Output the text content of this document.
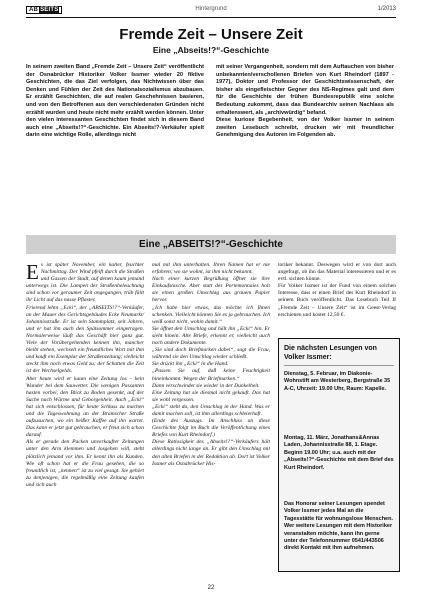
AB SEITS	Hintergrund	1/2013
Fremde Zeit – Unsere Zeit
Eine „Abseits!?“-Geschichte

In seinem zweiten Band „Fremde Zeit – Unsere Zeit“ veröffentlicht der Osnabrücker Historiker Volker Issmer wieder 20 fiktive Geschichten, die das Ziel verfolgen, das Nichtwissen über das Denken und Fühlen der Zeit des Nationalsozialismus abzubauen. Er erzählt Geschichten, die auf realen Geschehnissen basieren, und von den Betroffenen aus den verschiedensten Gründen nicht erzählt wurden und heute nicht mehr erzählt werden können. Unter den vielen interessanten Geschichten findet sich in diesem Band auch eine „Abseits!?“-Geschichte. Ein Abseits!?-Verkäufer spielt darin eine wichtige Rolle, allerdings nicht

mit seiner Vergangenheit, sondern mit dem Auftauchen von bisher unbekannten/verschollenen Briefen von Kurt Rheindorf (1897 - 1977), Doktor und Professor der Geschichtswissenschaft, der bisher als eingefleischter Gegner des NS-Regimes galt und dem für die Geschichte der frühen Bundesrepublik eine solche Bedeutung zukommt, dass das Bundearchiv seinen Nachlass als erhaltenswert, als „archivwürdig“ befand.
Diese kuriose Begebenheit, von der Volker Issmer in seinem zweiten Lesebuch schreibt, drucken wir mit freundlicher Genehmigung des Autoren im Folgenden ab.

Eine „ABSEITS!?“-Geschichte

E s ist später November, ein kalter, feuchter Nachmittag. Der Wind pfeift durch die Straßen und Gassen der Stadt, auf denen kaum jemand unterwegs ist. Die Lampen der Straßenbeleuchtung sind schon vor geraumer Zeit angegangen, trüb fällt ihr Licht auf das nasse Pflaster.
Frierend lehnt „Ecki“, der „ABSEITS!?“-Verkäufer, an der Mauer des Gerichtsgebäudes Ecke Neumarkt/ Johannisstraße. Er ist sein Stammplatz, seit Jahren, und er hat ihn auch den Spätsommer eingetragen. Normalerweise läuft das Geschäft hier ganz gut. Viele der Vorübergehenden kennen ihn, mancher bleibt stehen, wechselt ein freundliches Wort mit ihm und kauft ein Exemplar der Straßenzeitung; vielleicht steckt ihm noch etwas Geld zu; der Schatten die Zeit ist der Wechselgelds.
Aber heute wird er kaum eine Zeitung los – kein Wunder bei dem Sauwetter. Die wenigen Passanten hasten vorbei, den Blick zu Boden gesenkt, auf der Suche nach Wärme und Geborgenheit. Auch „Ecki“ hat sich entschlossen, für heute Schluss zu machen und die Tageswohnung an der Bramscher Straße aufzusuchen, wo ein heißer Kaffee auf ihn wartet. Das kann er jetzt gut gebrauchen, er freut sich schon darauf.
Als er gerade den Packen unverkaufter Zeitungen unter den Arm klemmen und losgehen will, steht plötzlich jemand vor ihm. Er kennt ihn als Kunden. Wie oft schon hat er die Frau gesehen, die so freundlich ist, „kennen“ ist zu viel gesagt. Sie gehört zu denjenigen, die regelmäßig eine Zeitung kaufen und sich auch
mal mit ihm unterhalten. Ihren Namen hat er nie erfahren; wo sie wohnt, ist ihm nicht bekannt.
Nach einer kurzen Begrüßung öffnet sie ihre Einkaufstasche. Aber statt des Portemonnaies holt sie einen großen Umschlag aus grauem Papier hervor.
„Ich habe hier etwas, das möchte ich Ihnen schenken. Vielleicht können Sie es ja gebrauchen. Ich weiß sonst nicht, wohin damit.“
Sie öffnet den Umschlag und hält ihn „Ecki“ hin. Er sieht hinein. Alte Briefe, erkennt er, vielleicht auch noch andere Dokumente.
„Sie sind doch Briefmarken dabei“, sagt die Frau, während sie den Umschlag wieder schließt.
Sie drückt ihn „Ecki“ in die Hand.
„Passen Sie auf, daß keine Feuchtigkeit hineinkommt. Wegen der Briefmarken.“
Dann verschwindet sie wieder in der Dunkelheit.
Eine Zeitung hat sie diesmal nicht gekauft. Das hat sie wohl vergessen.
„Ecki“ steht da, den Umschlag in der Hand. Was er damit machen soll, ist ihm allerdings schleierhaft.
(Ende des Auszugs. Im Anschluss an diese Geschichte folgt im Buch die Veröffentlichung eines Briefes von Kurt Rheindorf.)
Diese Ratlosigkeit des „Abseits!?“-Verkäufers hält allerdings nicht lange an. Er gibt den Umschlag mit den alten Briefen in der Redaktion ab. Dort ist Volker Issmer als Osnabrücker His-
toriker bekannt. Deswegen wird er von dort auch angefragt, ob ihn das Material interessieren und er es evtl. sichten könne.
Für Volker Issmer ist der Fund von einem solchen Interesse, dass er einen Brief des Kurt Rheindorf in seinem Buch veröffentlicht. Das Lesebuch Teil II „Fremde Zeit – Unsere Zeit“ ist im Geest-Verlag erschienen und kostet 12,50 €.

Die nächsten Lesungen von Volker Issmer:

Dienstag, 5. Februar, im Diakonie-Wohnstift am Westerberg, Bergstraße 35 A-C, Uhrzeit: 19.00 Uhr, Raum: Kapelle.

Montag, 11. März, Jonathans&Annas Laden, Johannisstraße 88, 1. Etage. Beginn 19.00 Uhr; u.a. auch mit der „Abseits!?“-Geschichte mit dem Brief des Kurt Rheindorf.

Das Honorar seiner Lesungen spendet Volker Issmer jedes Mal an die Tagesstätte für wohnungslose Menschen. Wer weitere Lesungen mit dem Historiker veranstalten möchte, kann ihn gerne unter der Telefonnummer 0541/443506 direkt Kontakt mit ihm aufnehmen.

22
